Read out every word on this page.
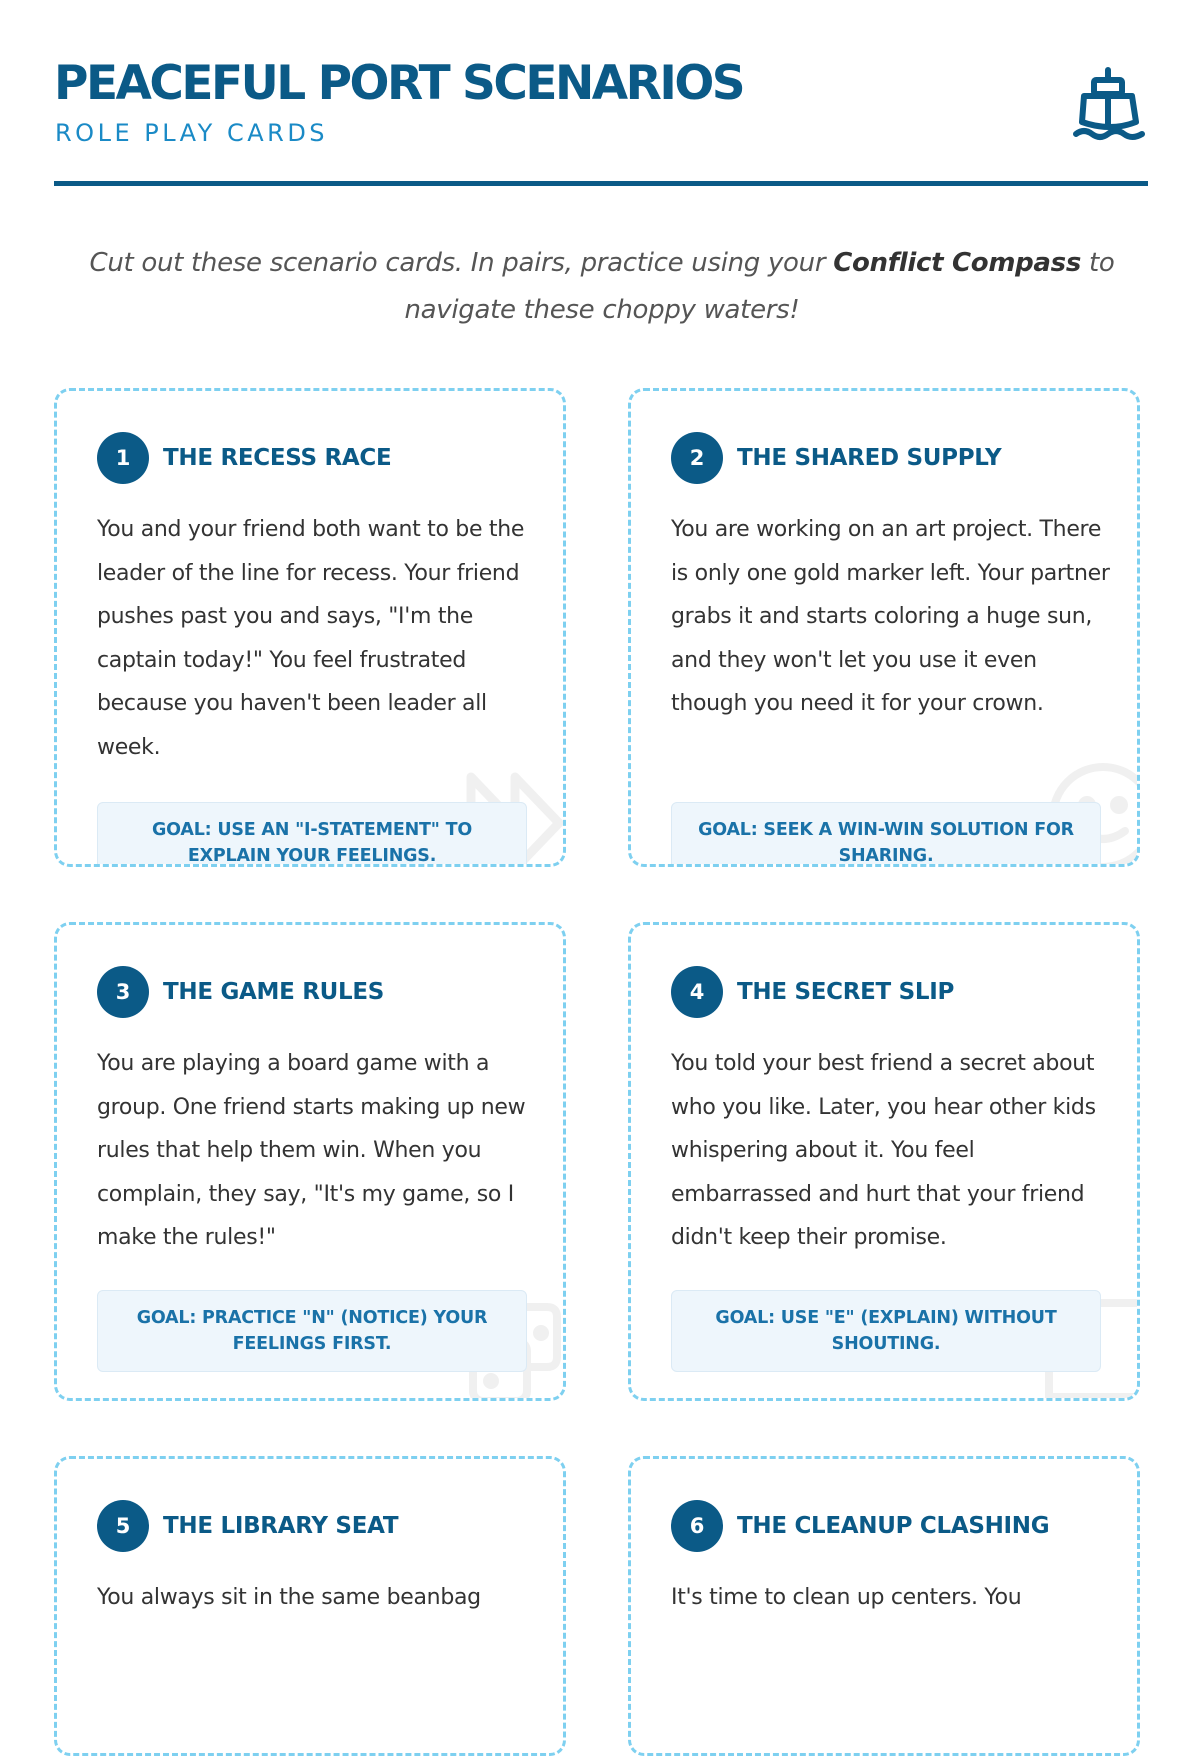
PEACEFUL PORT SCENARIOS
ROLE PLAY CARDS
Cut out these scenario cards. In pairs, practice using your Conflict Compass to navigate these choppy waters!
1	THE RECESS RACE
You and your friend both want to be the leader of the line for recess. Your friend pushes past you and says, "I'm the captain today!" You feel frustrated because you haven't been leader all week.
GOAL: USE AN "I-STATEMENT" TO EXPLAIN YOUR FEELINGS.
2	THE SHARED SUPPLY
You are working on an art project. There is only one gold marker left. Your partner grabs it and starts coloring a huge sun, and they won't let you use it even though you need it for your crown.
GOAL: SEEK A WIN-WIN SOLUTION FOR SHARING.
3	THE GAME RULES
You are playing a board game with a group. One friend starts making up new rules that help them win. When you complain, they say, "It's my game, so I make the rules!"
GOAL: PRACTICE "N" (NOTICE) YOUR FEELINGS FIRST.
4	THE SECRET SLIP
You told your best friend a secret about who you like. Later, you hear other kids whispering about it. You feel embarrassed and hurt that your friend didn't keep their promise.
GOAL: USE "E" (EXPLAIN) WITHOUT SHOUTING.
5	THE LIBRARY SEAT
You always sit in the same beanbag
6	THE CLEANUP CLASHING
It's time to clean up centers. You
